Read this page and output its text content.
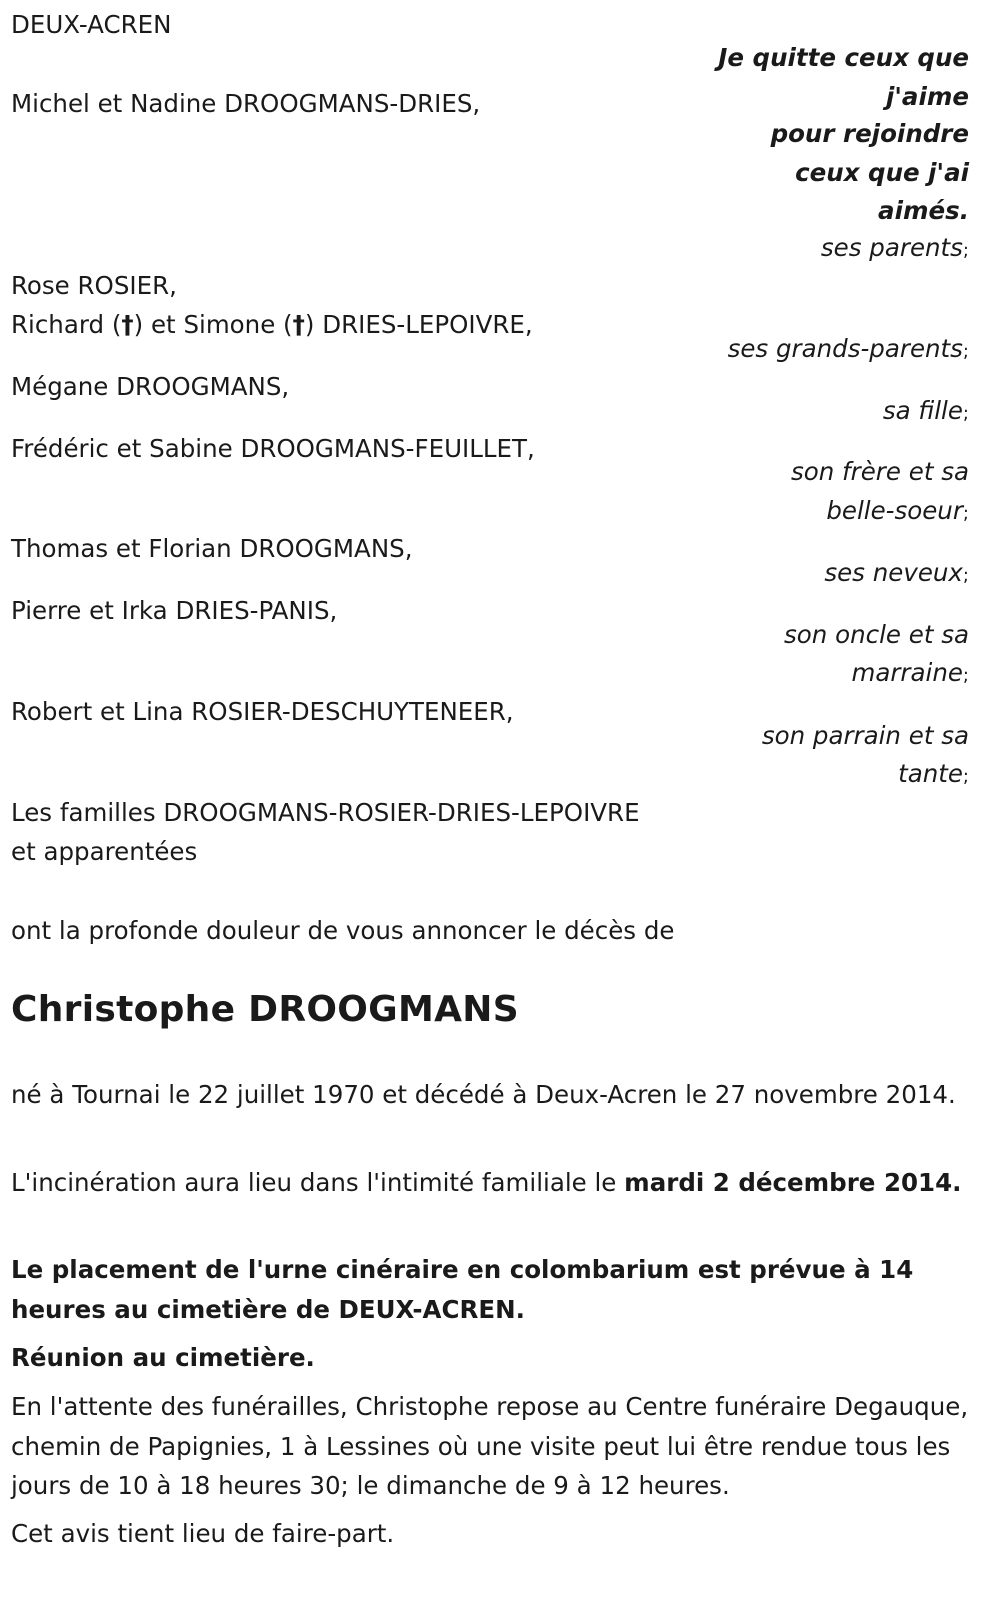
DEUX-ACREN

Je quitte ceux que

j'aime

pour rejoindre

ceux que j'ai

aimés.

Michel et Nadine DROOGMANS-DRIES,

Rose ROSIER,

Richard (†) et Simone (†) DRIES-LEPOIVRE,

Mégane DROOGMANS,

Frédéric et Sabine DROOGMANS-FEUILLET,

Thomas et Florian DROOGMANS,

Pierre et Irka DRIES-PANIS,

Robert et Lina ROSIER-DESCHUYTENEER,

Les familles DROOGMANS-ROSIER-DRIES-LEPOIVRE

et apparentées

ses parents;

ses grands-parents;

sa fille;

son frère et sa

belle-soeur;

ses neveux;

son oncle et sa

marraine;

son parrain et sa

tante;

ont la profonde douleur de vous annoncer le décès de

Christophe DROOGMANS

né à Tournai le 22 juillet 1970 et décédé à Deux-Acren le 27 novembre 2014.

L'incinération aura lieu dans l'intimité familiale le mardi 2 décembre 2014.

Le placement de l'urne cinéraire en colombarium est prévue à 14 heures au cimetière de DEUX-ACREN.

Réunion au cimetière.

En l'attente des funérailles, Christophe repose au Centre funéraire Degauque, chemin de Papignies, 1 à Lessines où une visite peut lui être rendue tous les jours de 10 à 18 heures 30; le dimanche de 9 à 12 heures.

Cet avis tient lieu de faire-part.
